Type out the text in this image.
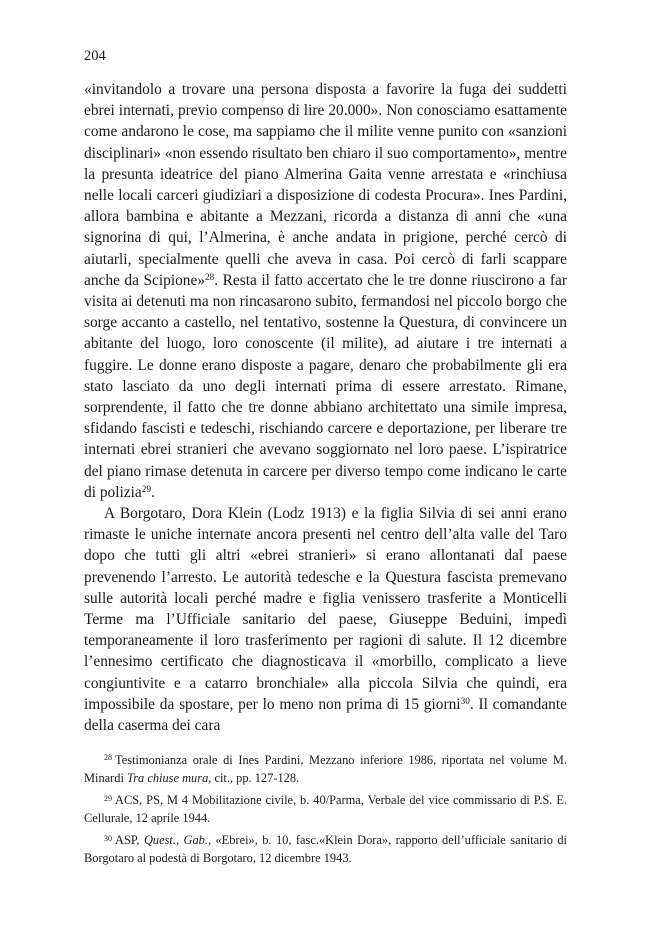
204

«invitandolo a trovare una persona disposta a favorire la fuga dei suddetti ebrei internati, previo compenso di lire 20.000». Non conosciamo esattamente come andarono le cose, ma sappiamo che il milite venne punito con «sanzioni disciplinari» «non essendo risultato ben chiaro il suo comportamento», mentre la presunta ideatrice del piano Almerina Gaita venne arrestata e «rinchiusa nelle locali carceri giudiziari a disposizione di codesta Procura». Ines Pardini, allora bambina e abitante a Mezzani, ricorda a distanza di anni che «una signorina di qui, l’Almerina, è anche andata in prigione, perché cercò di aiutarli, specialmente quelli che aveva in casa. Poi cercò di farli scappare anche da Scipione»$^{28}$. Resta il fatto accertato che le tre donne riuscirono a far visita ai detenuti ma non rincasarono subito, fermandosi nel piccolo borgo che sorge accanto a castello, nel tentativo, sostenne la Questura, di convincere un abitante del luogo, loro conoscente (il milite), ad aiutare i tre internati a fuggire. Le donne erano disposte a pagare, denaro che probabilmente gli era stato lasciato da uno degli internati prima di essere arrestato. Rimane, sorprendente, il fatto che tre donne abbiano architettato una simile impresa, sfidando fascisti e tedeschi, rischiando carcere e deportazione, per liberare tre internati ebrei stranieri che avevano soggiornato nel loro paese. L’ispiratrice del piano rimase detenuta in carcere per diverso tempo come indicano le carte di polizia$^{29}$.

A Borgotaro, Dora Klein (Lodz 1913) e la figlia Silvia di sei anni erano rimaste le uniche internate ancora presenti nel centro dell’alta valle del Taro dopo che tutti gli altri «ebrei stranieri» si erano allontanati dal paese prevenendo l’arresto. Le autorità tedesche e la Questura fascista premevano sulle autorità locali perché madre e figlia venissero trasferite a Monticelli Terme ma l’Ufficiale sanitario del paese, Giuseppe Beduini, impedì temporaneamente il loro trasferimento per ragioni di salute. Il 12 dicembre l’ennesimo certificato che diagnosticava il «morbillo, complicato a lieve congiuntivite e a catarro bronchiale» alla piccola Silvia che quindi, era impossibile da spostare, per lo meno non prima di 15 giorni$^{30}$. Il comandante della caserma dei cara

$^{28}$ Testimonianza orale di Ines Pardini, Mezzano inferiore 1986, riportata nel volume M. Minardi Tra chiuse mura, cit., pp. 127-128.

$^{29}$ ACS, PS, M 4 Mobilitazione civile, b. 40/Parma, Verbale del vice commissario di P.S. E. Cellurale, 12 aprile 1944.

$^{30}$ ASP, Quest., Gab., «Ebrei», b. 10, fasc.«Klein Dora», rapporto dell’ufficiale sanitario di Borgotaro al podestà di Borgotaro, 12 dicembre 1943.
